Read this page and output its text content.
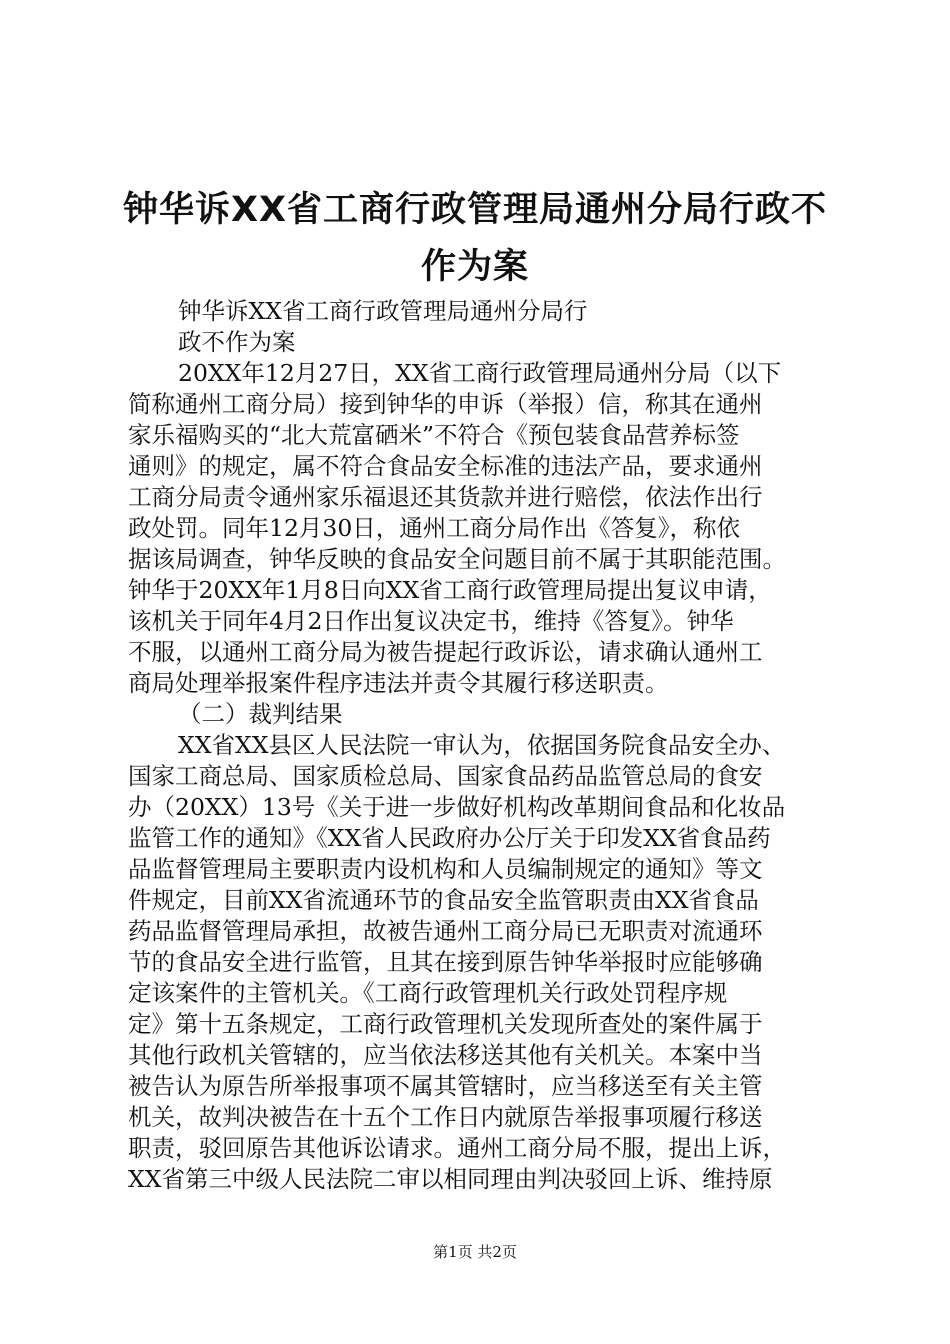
钟华诉XX省工商行政管理局通州分局行政不
作为案
钟华诉XX省工商行政管理局通州分局行
政不作为案
20XX年12月27日，XX省工商行政管理局通州分局（以下
简称通州工商分局）接到钟华的申诉（举报）信，称其在通州
家乐福购买的“北大荒富硒米”不符合《预包装食品营养标签
通则》的规定，属不符合食品安全标准的违法产品，要求通州
工商分局责令通州家乐福退还其货款并进行赔偿，依法作出行
政处罚。同年12月30日，通州工商分局作出《答复》，称依
据该局调查，钟华反映的食品安全问题目前不属于其职能范围。
钟华于20XX年1月8日向XX省工商行政管理局提出复议申请，
该机关于同年4月2日作出复议决定书，维持《答复》。钟华
不服，以通州工商分局为被告提起行政诉讼，请求确认通州工
商局处理举报案件程序违法并责令其履行移送职责。
（二）裁判结果
XX省XX县区人民法院一审认为，依据国务院食品安全办、
国家工商总局、国家质检总局、国家食品药品监管总局的食安
办（20XX）13号《关于进一步做好机构改革期间食品和化妆品
监管工作的通知》《XX省人民政府办公厅关于印发XX省食品药
品监督管理局主要职责内设机构和人员编制规定的通知》等文
件规定，目前XX省流通环节的食品安全监管职责由XX省食品
药品监督管理局承担，故被告通州工商分局已无职责对流通环
节的食品安全进行监管，且其在接到原告钟华举报时应能够确
定该案件的主管机关。《工商行政管理机关行政处罚程序规
定》第十五条规定，工商行政管理机关发现所查处的案件属于
其他行政机关管辖的，应当依法移送其他有关机关。本案中当
被告认为原告所举报事项不属其管辖时，应当移送至有关主管
机关，故判决被告在十五个工作日内就原告举报事项履行移送
职责，驳回原告其他诉讼请求。通州工商分局不服，提出上诉，
XX省第三中级人民法院二审以相同理由判决驳回上诉、维持原
第1页 共2页
